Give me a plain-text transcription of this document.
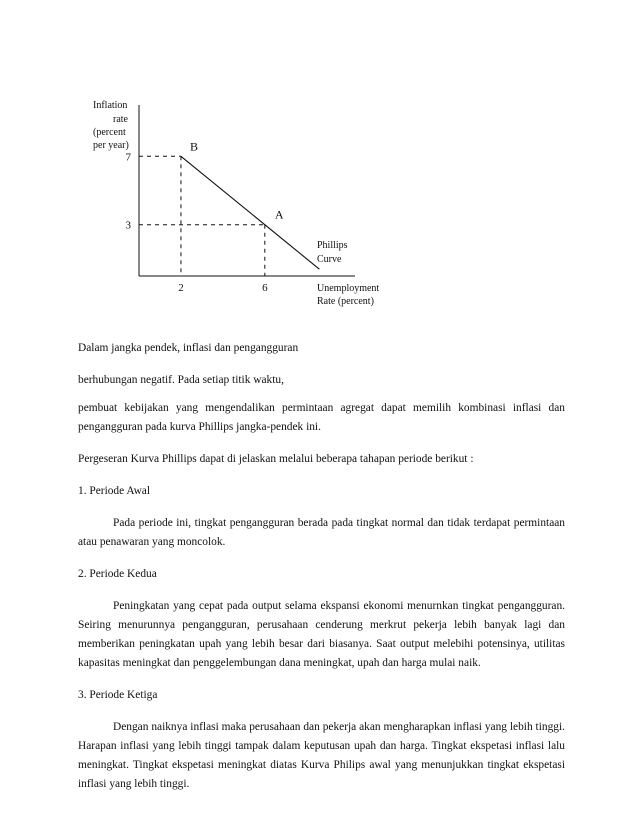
Inflation
rate
(percent
per year)	B
A
7
3
2	6
Phillips
Curve
Unemployment
Rate (percent)

Dalam jangka pendek, inflasi dan pengangguran

berhubungan negatif. Pada setiap titik waktu,

pembuat kebijakan yang mengendalikan permintaan agregat dapat memilih kombinasi inflasi dan pengangguran pada kurva Phillips jangka-pendek ini.

Pergeseran Kurva Phillips dapat di jelaskan melalui beberapa tahapan periode berikut :

1. Periode Awal

Pada periode ini, tingkat pengangguran berada pada tingkat normal dan tidak terdapat permintaan atau penawaran yang moncolok.

2. Periode Kedua

Peningkatan yang cepat pada output selama ekspansi ekonomi menurnkan tingkat pengangguran. Seiring menurunnya pengangguran, perusahaan cenderung merkrut pekerja lebih banyak lagi dan memberikan peningkatan upah yang lebih besar dari biasanya. Saat output melebihi potensinya, utilitas kapasitas meningkat dan penggelembungan dana meningkat, upah dan harga mulai naik.

3. Periode Ketiga

Dengan naiknya inflasi maka perusahaan dan pekerja akan mengharapkan inflasi yang lebih tinggi. Harapan inflasi yang lebih tinggi tampak dalam keputusan upah dan harga. Tingkat ekspetasi inflasi lalu meningkat. Tingkat ekspetasi meningkat diatas Kurva Philips awal yang menunjukkan tingkat ekspetasi inflasi yang lebih tinggi.
